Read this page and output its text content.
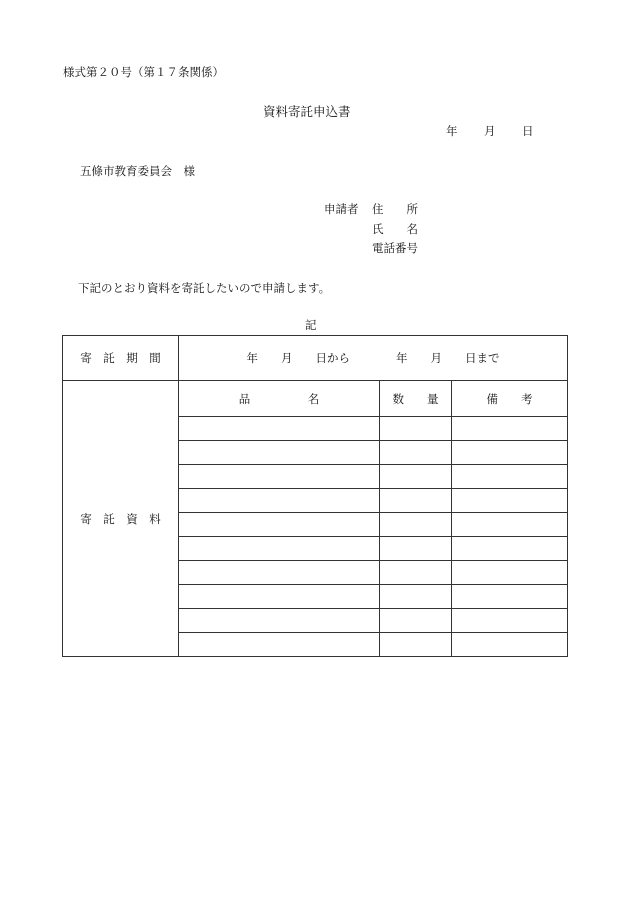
様式第２０号（第１７条関係）
資料寄託申込書
年 月 日
五條市教育委員会　様
申請者 住　　所
氏　　名
電話番号
下記のとおり資料を寄託したいので申請します。
記
寄　託　期　間	年　　月　　日から　　　　年　　月　　日まで		
寄　託　資　料	品　　　　　名	数　　量	備　　考
